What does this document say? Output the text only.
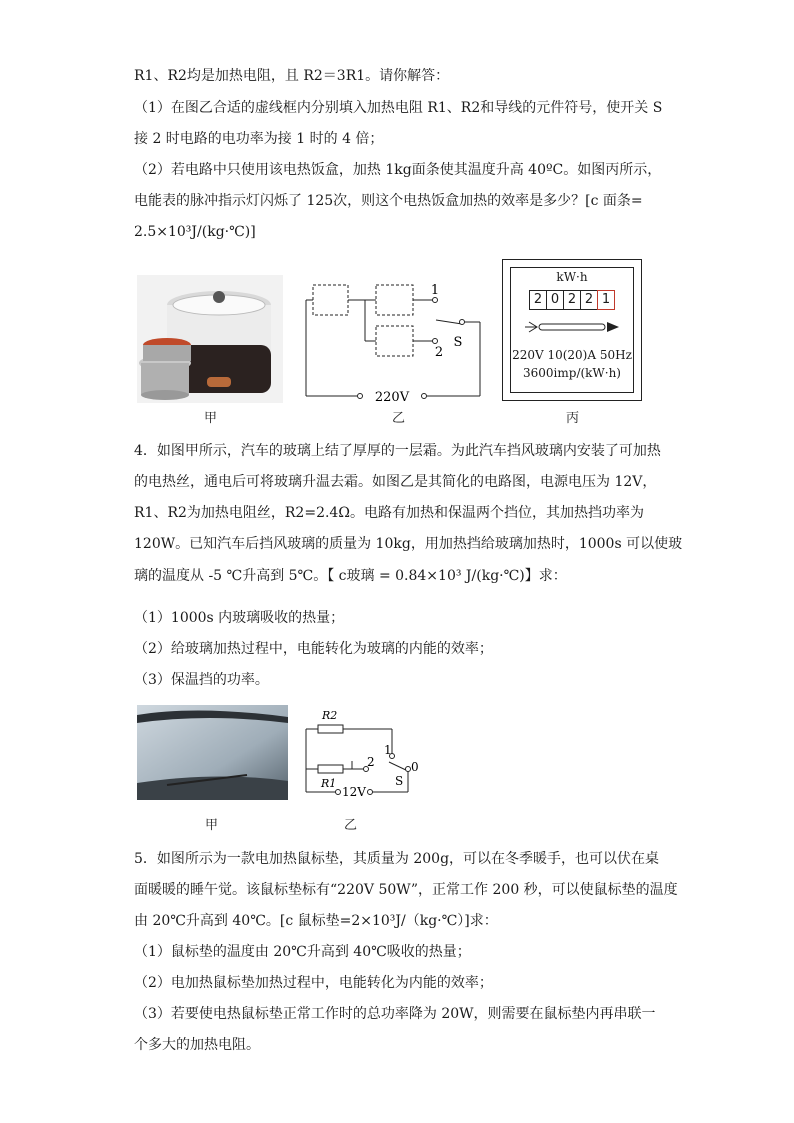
R1、R2均是加热电阻，且 R2＝3R1。请你解答：
（1）在图乙合适的虚线框内分别填入加热电阻 R1、R2和导线的元件符号，使开关 S
接 2 时电路的电功率为接 1 时的 4 倍；
（2）若电路中只使用该电热饭盒，加热 1kg面条使其温度升高 40ºC。如图丙所示，
电能表的脉冲指示灯闪烁了 125次，则这个电热饭盒加热的效率是多少？[c 面条=
2.5×10³J/(kg·℃)]
甲
1
2
S
220V
乙
kW·h
2 0 2 2 1
220V 10(20)A 50Hz
3600imp/(kW·h)
丙
4．如图甲所示，汽车的玻璃上结了厚厚的一层霜。为此汽车挡风玻璃内安装了可加热
的电热丝，通电后可将玻璃升温去霜。如图乙是其简化的电路图，电源电压为 12V，
R1、R2为加热电阻丝，R2=2.4Ω。电路有加热和保温两个挡位，其加热挡功率为
120W。已知汽车后挡风玻璃的质量为 10kg，用加热挡给玻璃加热时，1000s 可以使玻
璃的温度从 -5 ℃升高到 5℃。【 c玻璃 = 0.84×10³ J/(kg·℃)】求：
（1）1000s 内玻璃吸收的热量；
（2）给玻璃加热过程中，电能转化为玻璃的内能的效率；
（3）保温挡的功率。
甲
R2
R1
1
2	0
S
12V
乙
5．如图所示为一款电加热鼠标垫，其质量为 200g，可以在冬季暖手，也可以伏在桌
面暖暖的睡午觉。该鼠标垫标有“220V 50W”，正常工作 200 秒，可以使鼠标垫的温度
由 20℃升高到 40℃。[c 鼠标垫=2×10³J/（kg·℃）]求：
（1）鼠标垫的温度由 20℃升高到 40℃吸收的热量；
（2）电加热鼠标垫加热过程中，电能转化为内能的效率；
（3）若要使电热鼠标垫正常工作时的总功率降为 20W，则需要在鼠标垫内再串联一
个多大的加热电阻。
